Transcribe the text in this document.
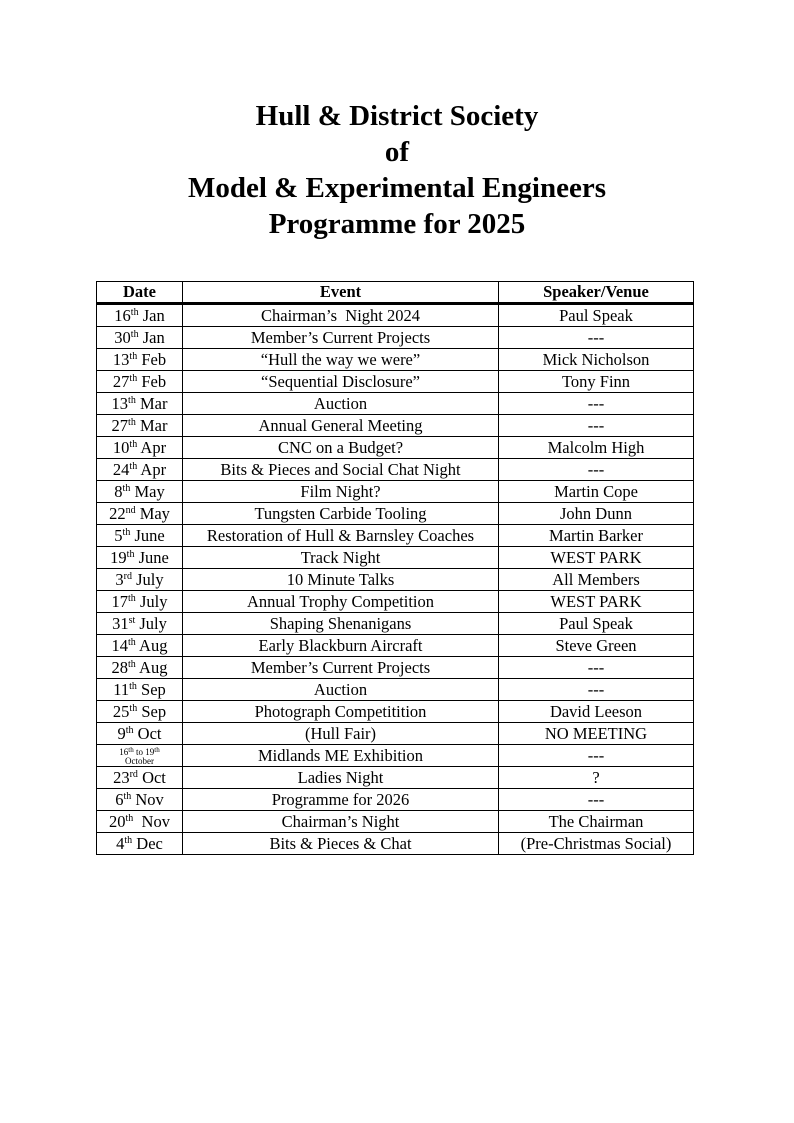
Hull & District Society
of
Model & Experimental Engineers
Programme for 2025
Date	Event	Speaker/Venue
16th Jan	Chairman’s  Night 2024	Paul Speak
30th Jan	Member’s Current Projects	---
13th Feb	“Hull the way we were”	Mick Nicholson
27th Feb	“Sequential Disclosure”	Tony Finn
13th Mar	Auction	---
27th Mar	Annual General Meeting	---
10th Apr	CNC on a Budget?	Malcolm High
24th Apr	Bits & Pieces and Social Chat Night	---
8th May	Film Night?	Martin Cope
22nd May	Tungsten Carbide Tooling	John Dunn
5th June	Restoration of Hull & Barnsley Coaches	Martin Barker
19th June	Track Night	WEST PARK
3rd July	10 Minute Talks	All Members
17th July	Annual Trophy Competition	WEST PARK
31st July	Shaping Shenanigans	Paul Speak
14th Aug	Early Blackburn Aircraft	Steve Green
28th Aug	Member’s Current Projects	---
11th Sep	Auction	---
25th Sep	Photograph Competitition	David Leeson
9th Oct	(Hull Fair)	NO MEETING
16th to 19th
October	Midlands ME Exhibition	---
23rd Oct	Ladies Night	?
6th Nov	Programme for 2026	---
20th  Nov	Chairman’s Night	The Chairman
4th Dec	Bits & Pieces & Chat	(Pre-Christmas Social)
